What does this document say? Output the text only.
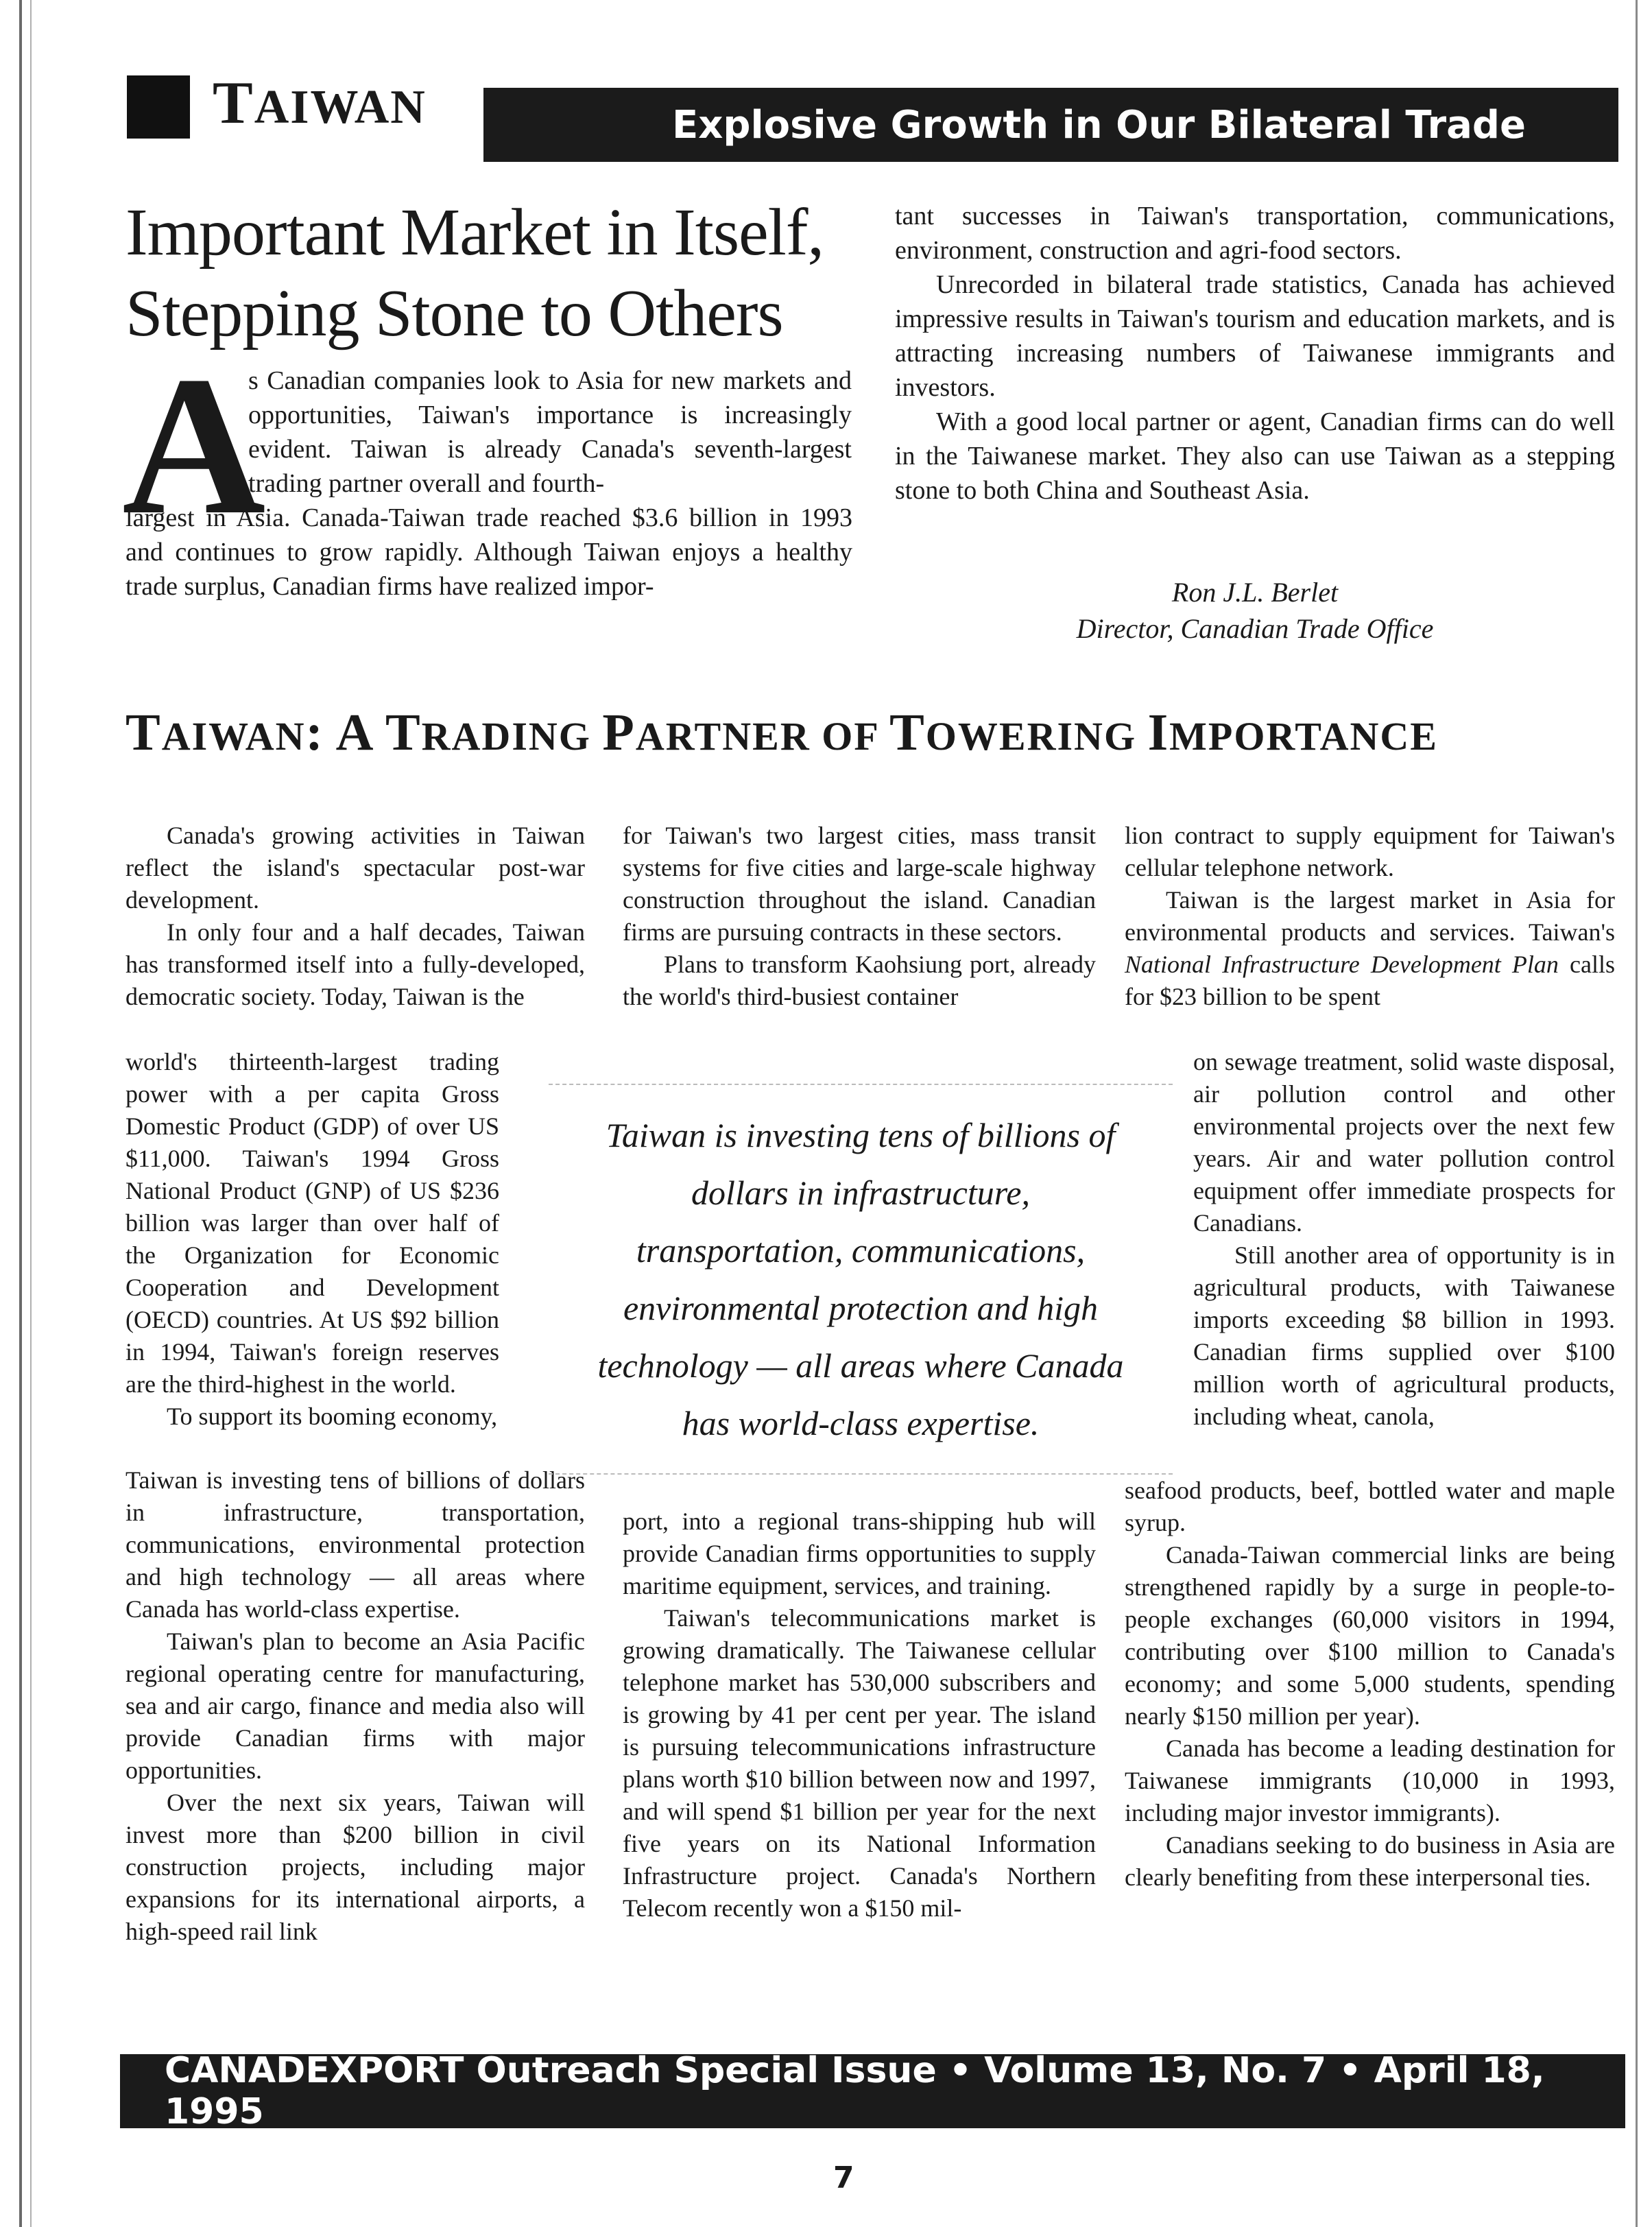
TAIWAN	Explosive Growth in Our Bilateral Trade
Important Market in Itself,
Stepping Stone to Others
A
s Canadian companies look to Asia for new markets and opportunities, Taiwan's importance is increasingly evident. Taiwan is already Canada's seventh-largest trading partner overall and fourth-
largest in Asia. Canada-Taiwan trade reached $3.6 billion in 1993 and continues to grow rapidly. Although Taiwan enjoys a healthy trade surplus, Canadian firms have realized impor-

tant successes in Taiwan's transportation, communications, environment, construction and agri-food sectors.

Unrecorded in bilateral trade statistics, Canada has achieved impressive results in Taiwan's tourism and education markets, and is attracting increasing numbers of Taiwanese immigrants and investors.

With a good local partner or agent, Canadian firms can do well in the Taiwanese market. They also can use Taiwan as a stepping stone to both China and Southeast Asia.

Ron J.L. Berlet
Director, Canadian Trade Office
TAIWAN: A TRADING PARTNER OF TOWERING IMPORTANCE

Canada's growing activities in Taiwan reflect the island's spectacular post-war development.

In only four and a half decades, Taiwan has transformed itself into a fully-developed, democratic society. Today, Taiwan is the

world's thirteenth-largest trading power with a per capita Gross Domestic Product (GDP) of over US $11,000. Taiwan's 1994 Gross National Product (GNP) of US $236 billion was larger than over half of the Organization for Economic Cooperation and Development (OECD) countries. At US $92 billion in 1994, Taiwan's foreign reserves are the third-highest in the world.

To support its booming economy,

Taiwan is investing tens of billions of dollars in infrastructure, transportation, communications, environmental protection and high technology — all areas where Canada has world-class expertise.

Taiwan's plan to become an Asia Pacific regional operating centre for manufacturing, sea and air cargo, finance and media also will provide Canadian firms with major opportunities.

Over the next six years, Taiwan will invest more than $200 billion in civil construction projects, including major expansions for its international airports, a high-speed rail link

for Taiwan's two largest cities, mass transit systems for five cities and large-scale highway construction throughout the island. Canadian firms are pursuing contracts in these sectors.

Plans to transform Kaohsiung port, already the world's third-busiest container

port, into a regional trans-shipping hub will provide Canadian firms opportunities to supply maritime equipment, services, and training.

Taiwan's telecommunications market is growing dramatically. The Taiwanese cellular telephone market has 530,000 subscribers and is growing by 41 per cent per year. The island is pursuing telecommunications infrastructure plans worth $10 billion between now and 1997, and will spend $1 billion per year for the next five years on its National Information Infrastructure project. Canada's Northern Telecom recently won a $150 mil-

lion contract to supply equipment for Taiwan's cellular telephone network.

Taiwan is the largest market in Asia for environmental products and services. Taiwan's National Infrastructure Development Plan calls for $23 billion to be spent

on sewage treatment, solid waste disposal, air pollution control and other environmental projects over the next few years. Air and water pollution control equipment offer immediate prospects for Canadians.

Still another area of opportunity is in agricultural products, with Taiwanese imports exceeding $8 billion in 1993. Canadian firms supplied over $100 million worth of agricultural products, including wheat, canola,

seafood products, beef, bottled water and maple syrup.

Canada-Taiwan commercial links are being strengthened rapidly by a surge in people-to-people exchanges (60,000 visitors in 1994, contributing over $100 million to Canada's economy; and some 5,000 students, spending nearly $150 million per year).

Canada has become a leading destination for Taiwanese immigrants (10,000 in 1993, including major investor immigrants).

Canadians seeking to do business in Asia are clearly benefiting from these interpersonal ties.

Taiwan is investing tens of billions of dollars in infrastructure, transportation, communications, environmental protection and high technology — all areas where Canada has world-class expertise.
CANADEXPORT Outreach Special Issue • Volume 13, No. 7 • April 18, 1995
7
